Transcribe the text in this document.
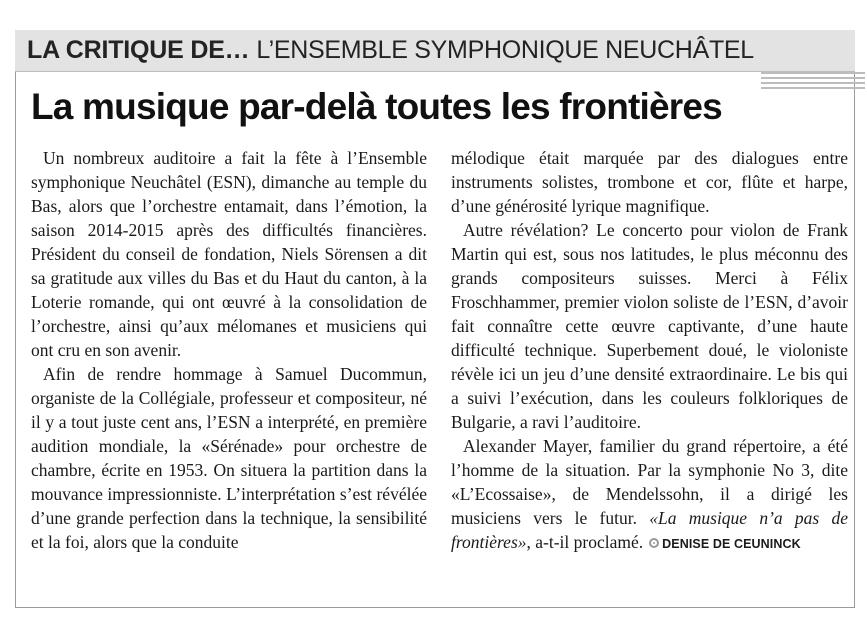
LA CRITIQUE DE… L’ENSEMBLE SYMPHONIQUE NEUCHÂTEL
La musique par-delà toutes les frontières

Un nombreux auditoire a fait la fête à l’Ensemble symphonique Neuchâtel (ESN), dimanche au temple du Bas, alors que l’orchestre entamait, dans l’émotion, la saison 2014-2015 après des difficultés financières. Président du conseil de fondation, Niels Sörensen a dit sa gratitude aux villes du Bas et du Haut du canton, à la Loterie romande, qui ont œuvré à la consolidation de l’orchestre, ainsi qu’aux mélomanes et musiciens qui ont cru en son avenir.

Afin de rendre hommage à Samuel Ducommun, organiste de la Collégiale, professeur et compositeur, né il y a tout juste cent ans, l’ESN a interprété, en première audition mondiale, la «Sérénade» pour orchestre de chambre, écrite en 1953. On situera la partition dans la mouvance impressionniste. L’interprétation s’est révélée d’une grande perfection dans la technique, la sensibilité et la foi, alors que la conduite

mélodique était marquée par des dialogues entre instruments solistes, trombone et cor, flûte et harpe, d’une générosité lyrique magnifique.

Autre révélation? Le concerto pour violon de Frank Martin qui est, sous nos latitudes, le plus méconnu des grands compositeurs suisses. Merci à Félix Froschhammer, premier violon soliste de l’ESN, d’avoir fait connaître cette œuvre captivante, d’une haute difficulté technique. Superbement doué, le violoniste révèle ici un jeu d’une densité extraordinaire. Le bis qui a suivi l’exécution, dans les couleurs folkloriques de Bulgarie, a ravi l’auditoire.

Alexander Mayer, familier du grand répertoire, a été l’homme de la situation. Par la symphonie No 3, dite «L’Ecossaise», de Mendelssohn, il a dirigé les musiciens vers le futur. «La musique n’a pas de frontières», a-t-il proclamé. DENISE DE CEUNINCK
